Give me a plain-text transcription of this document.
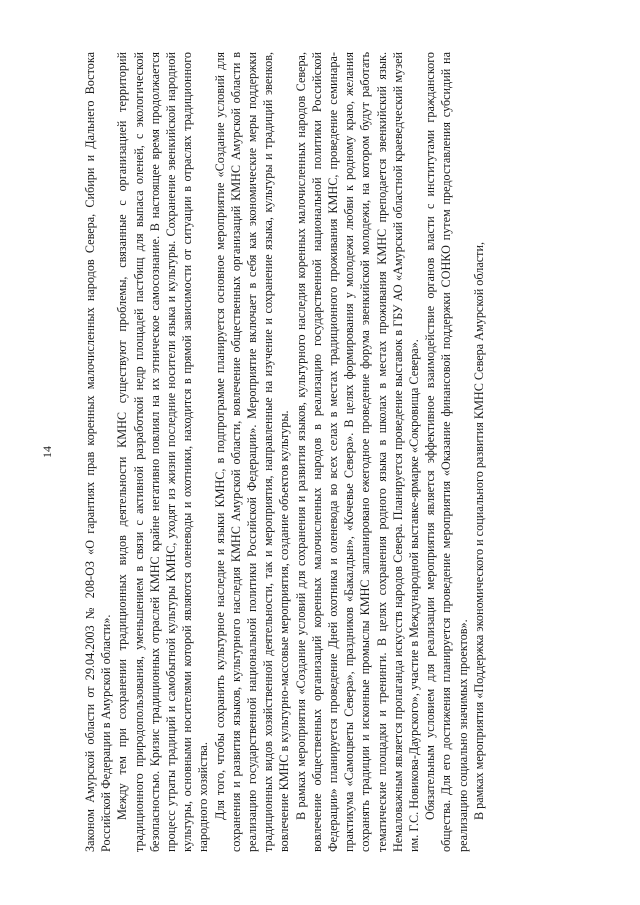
14 Законом Амурской области от 29.04.2003 № 208-ОЗ «О гарантиях прав коренных малочисленных народов Севера, Сибири и Дальнего Востока Российской Федерации в Амурской области». Между тем при сохранении традиционных видов деятельности КМНС существуют проблемы, связанные с организацией территорий традиционного природопользования, уменьшением в связи с активной разработкой недр площадей пастбищ для выпаса оленей, с экологической безопасностью. Кризис традиционных отраслей КМНС крайне негативно повлиял на их этническое самосознание. В настоящее время продолжается процесс утраты традиций и самобытной культуры КМНС, уходят из жизни последние носители языка и культуры. Сохранение эвенкийской народной культуры, основными носителями которой являются оленеводы и охотники, находится в прямой зависимости от ситуации в отраслях традиционного народного хозяйства. Для того, чтобы сохранить культурное наследие и языки КМНС, в подпрограмме планируется основное мероприятие «Создание условий для сохранения и развития языков, культурного наследия КМНС Амурской области, вовлечение общественных организаций КМНС Амурской области в реализацию государственной национальной политики Российской Федерации». Мероприятие включает в себя как экономические меры поддержки традиционных видов хозяйственной деятельности, так и мероприятия, направленные на изучение и сохранение языка, культуры и традиций эвенков, вовлечение КМНС в культурно-массовые мероприятия, создание объектов культуры. В рамках мероприятия «Создание условий для сохранения и развития языков, культурного наследия коренных малочисленных народов Севера, вовлечение общественных организаций коренных малочисленных народов в реализацию государственной национальной политики Российской Федерации» планируется проведение Дней охотника и оленевода во всех селах в местах традиционного проживания КМНС, проведение семинара-практикума «Самоцветы Севера», праздников «Бакалдын», «Кочевье Севера». В целях формирования у молодежи любви к родному краю, желания сохранять традиции и исконные промыслы КМНС запланировано ежегодное проведение форума эвенкийской молодежи, на котором будут работать тематические площадки и тренинги. В целях сохранения родного языка в школах в местах проживания КМНС преподается эвенкийский язык. Немаловажным является пропаганда искусств народов Севера. Планируется проведение выставок в ГБУ АО «Амурский областной краеведческий музей им. Г.С. Новикова-Даурского», участие в Международной выставке-ярмарке «Сокровища Севера». Обязательным условием для реализации мероприятия является эффективное взаимодействие органов власти с институтами гражданского общества. Для его достижения планируется проведение мероприятия «Оказание финансовой поддержки СОНКО путем предоставления субсидий на реализацию социально значимых проектов». В рамках мероприятия «Поддержка экономического и социального развития КМНС Севера Амурской области,
